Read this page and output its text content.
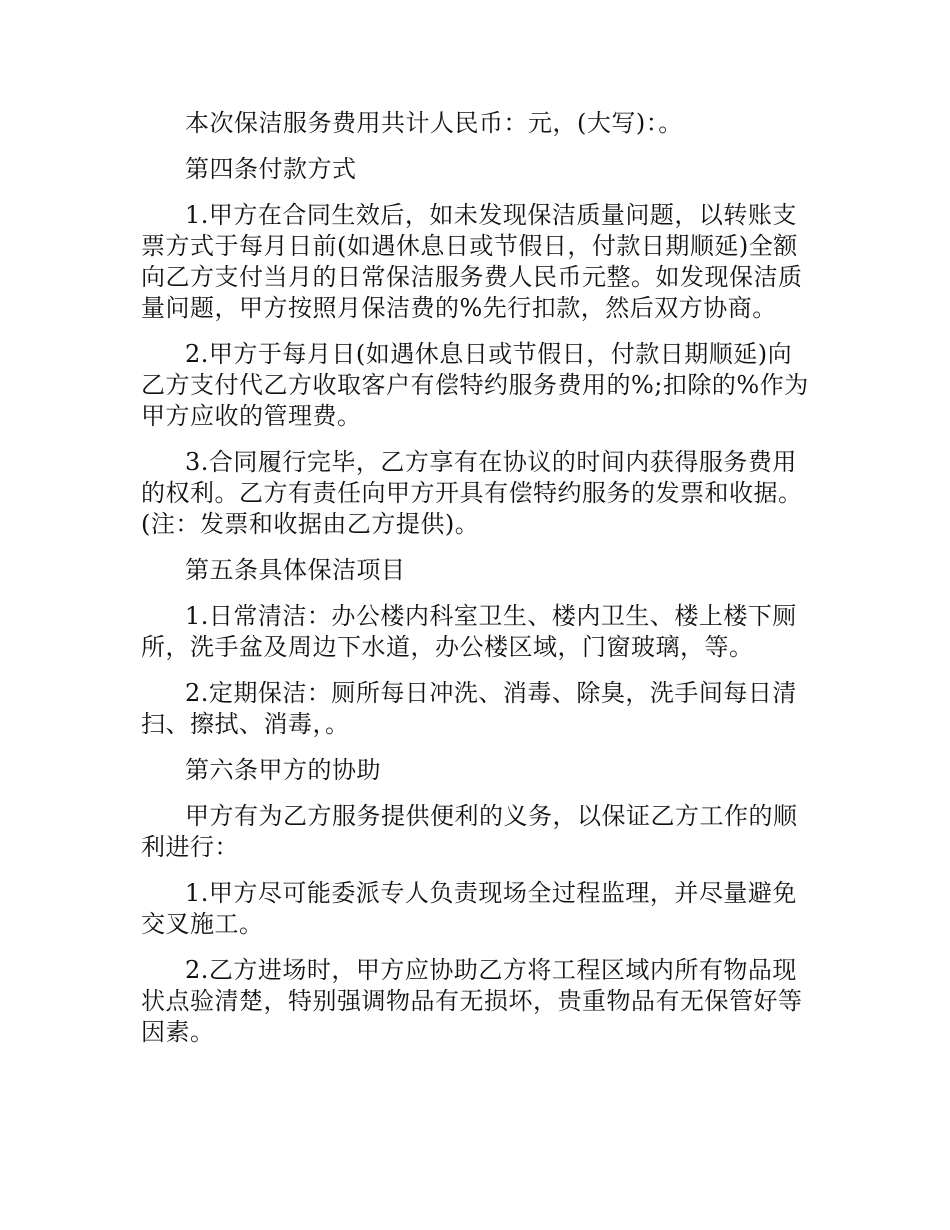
本次保洁服务费用共计人民币：元，(大写)：。

第四条付款方式

1.甲方在合同生效后，如未发现保洁质量问题，以转账支票方式于每月日前(如遇休息日或节假日，付款日期顺延)全额向乙方支付当月的日常保洁服务费人民币元整。如发现保洁质量问题，甲方按照月保洁费的%先行扣款，然后双方协商。

2.甲方于每月日(如遇休息日或节假日，付款日期顺延)向乙方支付代乙方收取客户有偿特约服务费用的%;扣除的%作为甲方应收的管理费。

3.合同履行完毕，乙方享有在协议的时间内获得服务费用的权利。乙方有责任向甲方开具有偿特约服务的发票和收据。(注：发票和收据由乙方提供)。

第五条具体保洁项目

1.日常清洁：办公楼内科室卫生、楼内卫生、楼上楼下厕所，洗手盆及周边下水道，办公楼区域，门窗玻璃，等。

2.定期保洁：厕所每日冲洗、消毒、除臭，洗手间每日清扫、擦拭、消毒，。

第六条甲方的协助

甲方有为乙方服务提供便利的义务，以保证乙方工作的顺利进行：

1.甲方尽可能委派专人负责现场全过程监理，并尽量避免交叉施工。

2.乙方进场时，甲方应协助乙方将工程区域内所有物品现状点验清楚，特别强调物品有无损坏，贵重物品有无保管好等因素。
